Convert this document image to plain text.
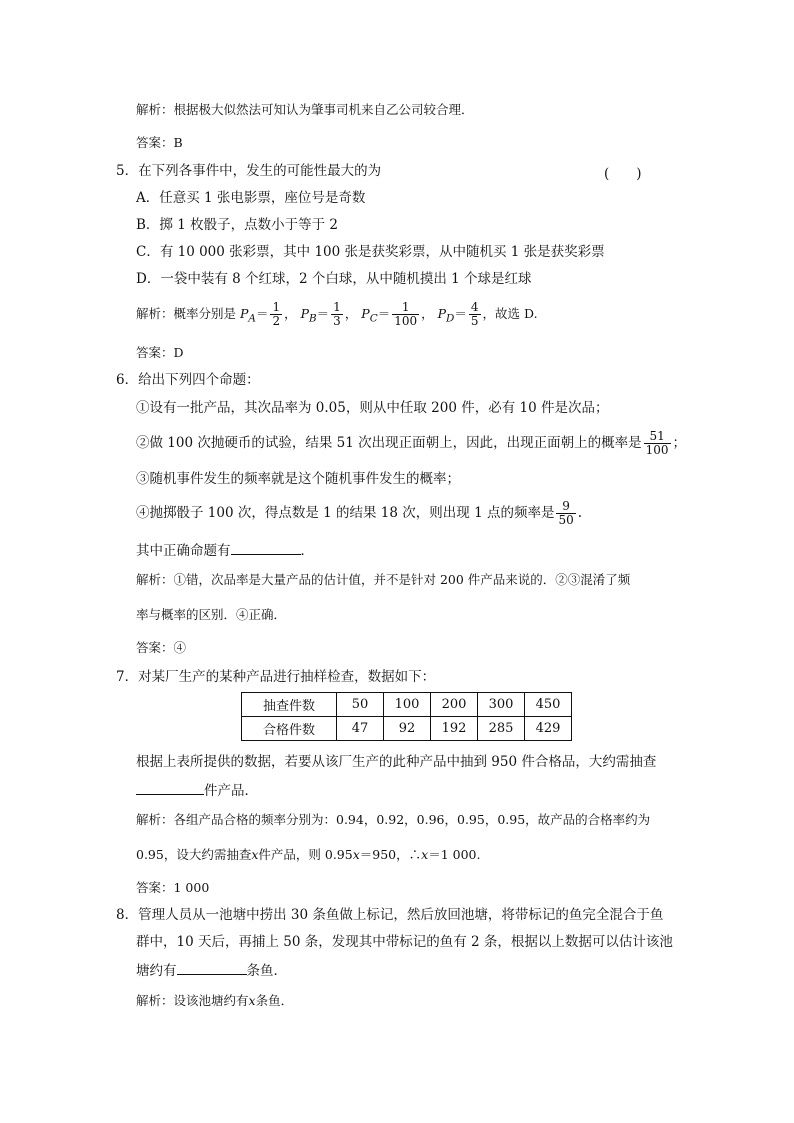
解析：根据极大似然法可知认为肇事司机来自乙公司较合理．
答案：B
5．在下列各事件中，发生的可能性最大的为	(　　)
A．任意买 1 张电影票，座位号是奇数
B．掷 1 枚骰子，点数小于等于 2
C．有 10 000 张彩票，其中 100 张是获奖彩票，从中随机买 1 张是获奖彩票
D．一袋中装有 8 个红球，2 个白球，从中随机摸出 1 个球是红球
解析：概率分别是 $P_A= \frac{1}{2}$ ， $P_B= \frac{1}{3}$ ， $P_C= \frac{1}{100}$ ， $P_D= \frac{4}{5}$ ，故选 D.
答案：D
6．给出下列四个命题：
①设有一批产品，其次品率为 0.05，则从中任取 200 件，必有 10 件是次品；
②做 100 次抛硬币的试验，结果 51 次出现正面朝上，因此，出现正面朝上的概率是 $\frac{51}{100}$ ；
③随机事件发生的频率就是这个随机事件发生的概率；
④抛掷骰子 100 次，得点数是 1 的结果 18 次，则出现 1 点的频率是 $\frac{9}{50}$ .
其中正确命题有	．
解析：①错，次品率是大量产品的估计值，并不是针对 200 件产品来说的．②③混淆了频
率与概率的区别．④正确．
答案：④
7．对某厂生产的某种产品进行抽样检查，数据如下：
抽查件数	50	100	200	300	450
合格件数	47	92	192	285	429
根据上表所提供的数据，若要从该厂生产的此种产品中抽到 950 件合格品，大约需抽查
件产品．
解析：各组产品合格的频率分别为：0.94，0.92，0.96，0.95，0.95，故产品的合格率约为
0.95，设大约需抽查x件产品，则 0.95x＝950，∴x＝1 000.
答案：1 000
8．管理人员从一池塘中捞出 30 条鱼做上标记，然后放回池塘，将带标记的鱼完全混合于鱼
群中，10 天后，再捕上 50 条，发现其中带标记的鱼有 2 条，根据以上数据可以估计该池
塘约有	条鱼．
解析：设该池塘约有x条鱼．
